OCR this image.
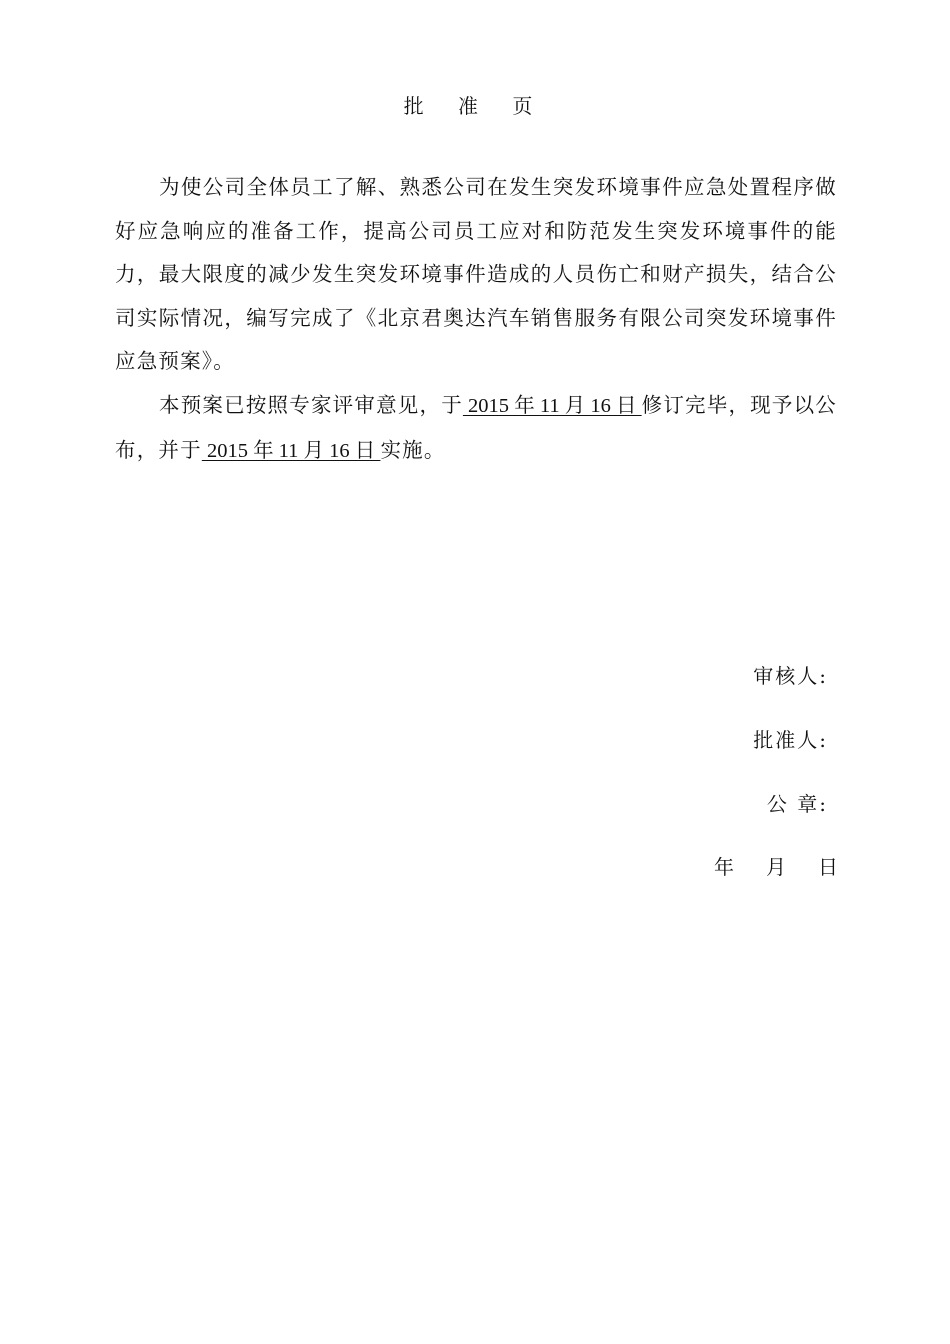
批 准 页

为使公司全体员工了解、熟悉公司在发生突发环境事件应急处置程序做好应急响应的准备工作，提高公司员工应对和防范发生突发环境事件的能力，最大限度的减少发生突发环境事件造成的人员伤亡和财产损失，结合公司实际情况，编写完成了《北京君奥达汽车销售服务有限公司突发环境事件应急预案》。

本预案已按照专家评审意见，于 2015 年 11 月 16 日 修订完毕，现予以公布，并于 2015 年 11 月 16 日 实施。

审核人:
批准人:
公 章:
年 月 日
